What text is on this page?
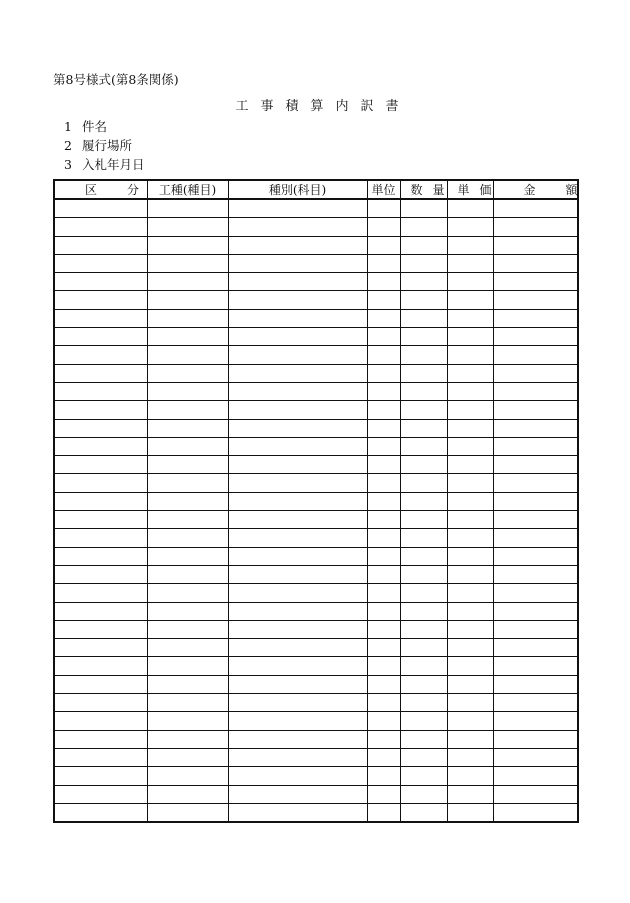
第8号様式(第8条関係)
工事積算内訳書
1 件名
2 履行場所
3 入札年月日
区分	工種(種目)	種別(科目)	単位	数量	単価	金額
